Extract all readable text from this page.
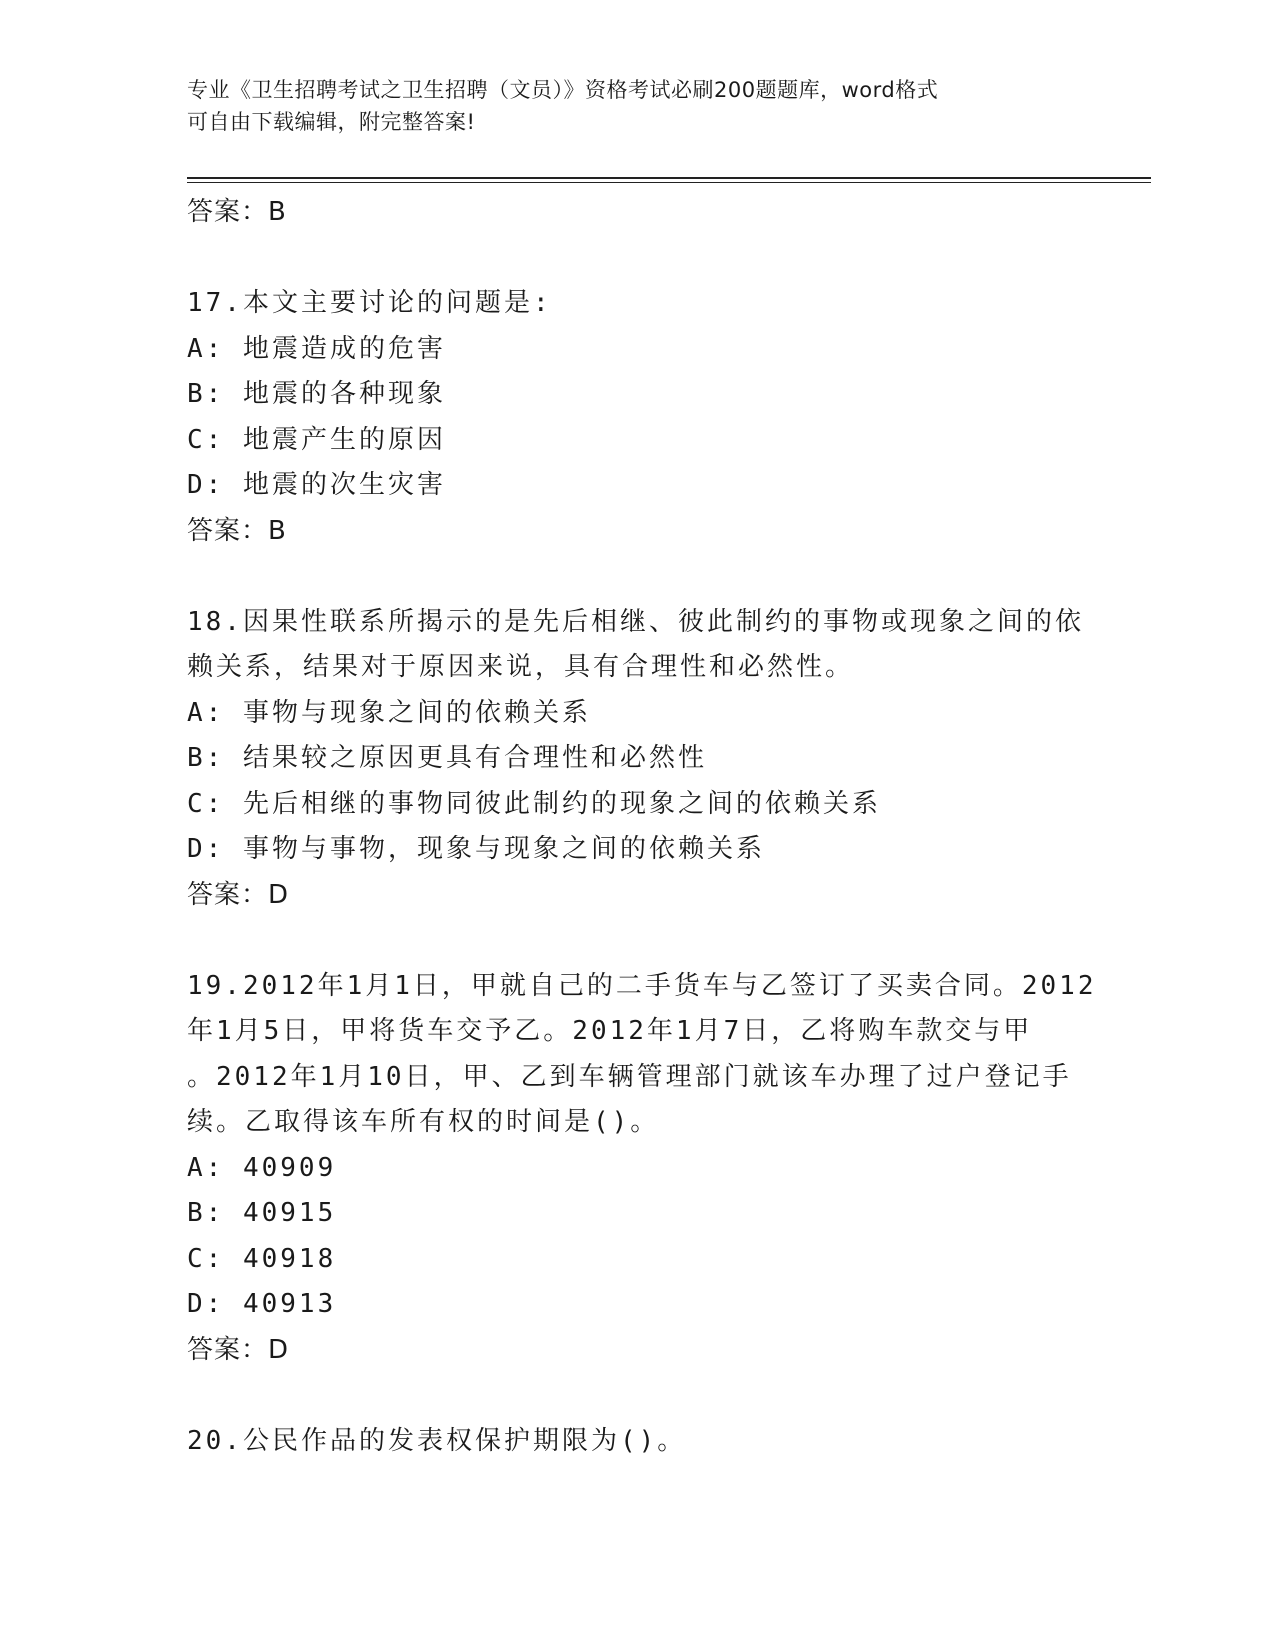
专业《卫生招聘考试之卫生招聘（文员）》资格考试必刷200题题库，word格式
可自由下载编辑，附完整答案!
答案：B
17.本文主要讨论的问题是:
A: 地震造成的危害
B: 地震的各种现象
C: 地震产生的原因
D: 地震的次生灾害
答案：B
18.因果性联系所揭示的是先后相继、彼此制约的事物或现象之间的依
赖关系，结果对于原因来说，具有合理性和必然性。
A: 事物与现象之间的依赖关系
B: 结果较之原因更具有合理性和必然性
C: 先后相继的事物同彼此制约的现象之间的依赖关系
D: 事物与事物，现象与现象之间的依赖关系
答案：D
19.2012年1月1日，甲就自己的二手货车与乙签订了买卖合同。2012
年1月5日，甲将货车交予乙。2012年1月7日，乙将购车款交与甲
。2012年1月10日，甲、乙到车辆管理部门就该车办理了过户登记手
续。乙取得该车所有权的时间是()。
A: 40909
B: 40915
C: 40918
D: 40913
答案：D
20.公民作品的发表权保护期限为()。
